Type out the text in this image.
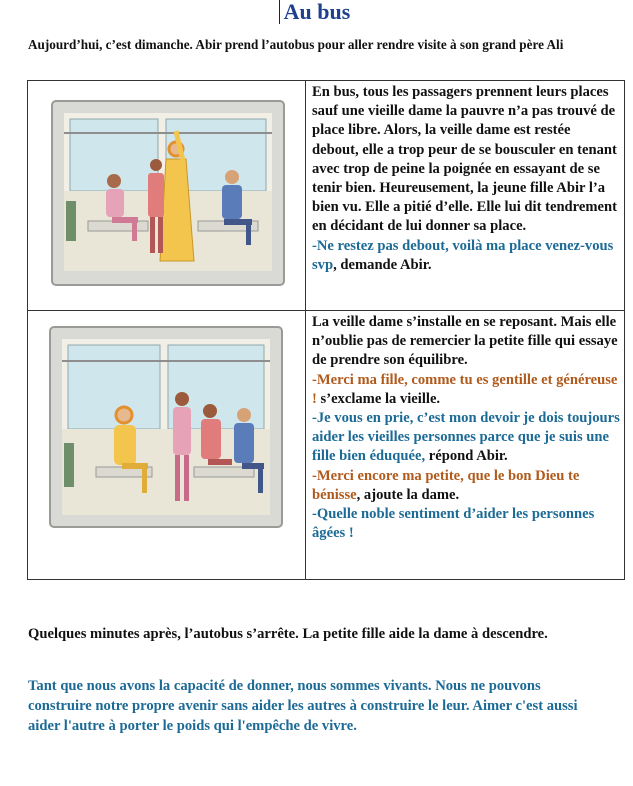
Au bus
Aujourd’hui, c’est dimanche. Abir prend l’autobus pour aller rendre visite à son grand père Ali
	En bus, tous les passagers prennent leurs places sauf une vieille dame la pauvre n’a pas trouvé de place libre. Alors, la veille dame est restée debout, elle a trop peur de se bousculer en tenant avec trop de peine la poignée en essayant de se tenir bien. Heureusement, la jeune fille Abir l’a bien vu. Elle a pitié d’elle. Elle lui dit tendrement en décidant de lui donner sa place.
-Ne restez pas debout, voilà ma place venez-vous svp, demande Abir.

	La veille dame s’installe en se reposant. Mais elle n’oublie pas de remercier la petite fille qui essaye de prendre son équilibre.
-Merci ma fille, comme tu es gentille et généreuse ! s’exclame la vieille.
-Je vous en prie, c’est mon devoir je dois toujours aider les vieilles personnes parce que je suis une fille bien éduquée, répond Abir.
-Merci encore ma petite, que le bon Dieu te bénisse, ajoute la dame.
-Quelle noble sentiment d’aider les personnes âgées !
Quelques minutes après, l’autobus s’arrête. La petite fille aide la dame à descendre.
Tant que nous avons la capacité de donner, nous sommes vivants. Nous ne pouvons construire notre propre avenir sans aider les autres à construire le leur. Aimer c'est aussi aider l'autre à porter le poids qui l'empêche de vivre.
